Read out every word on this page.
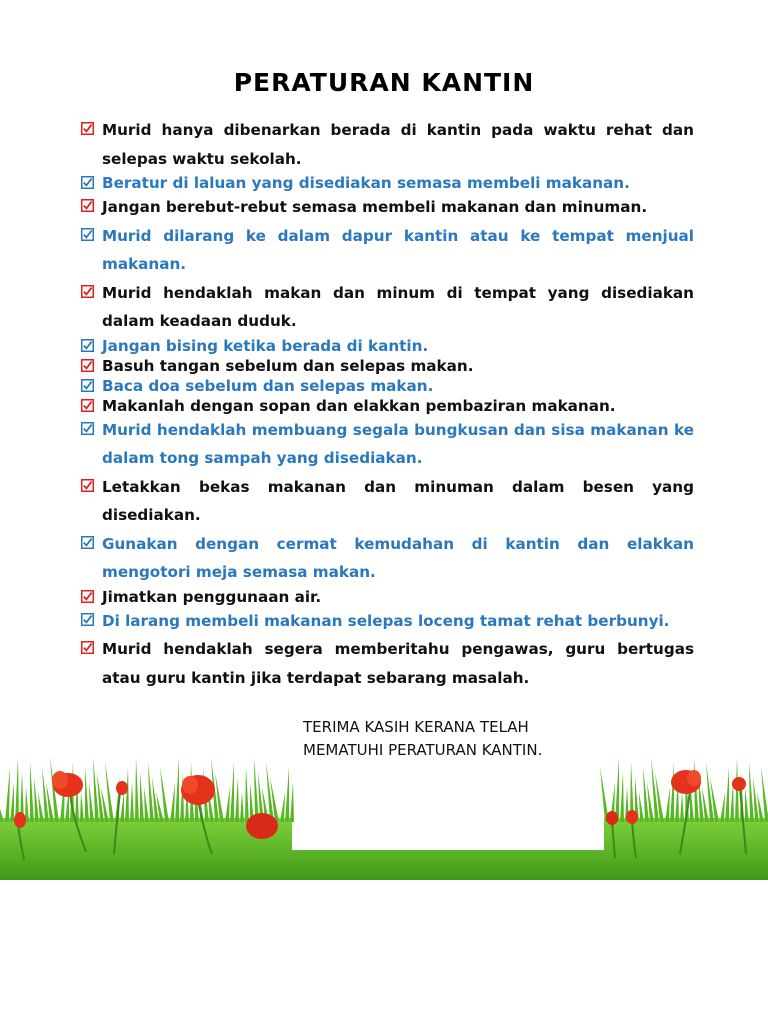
PERATURAN KANTIN
Murid hanya dibenarkan berada di kantin pada waktu rehat dan selepas waktu sekolah.
Beratur di laluan yang disediakan semasa membeli makanan.
Jangan berebut-rebut semasa membeli makanan dan minuman.
Murid dilarang ke dalam dapur kantin atau ke tempat menjual makanan.
Murid hendaklah makan dan minum di tempat yang disediakan dalam keadaan duduk.
Jangan bising ketika berada di kantin.
Basuh tangan sebelum dan selepas makan.
Baca doa sebelum dan selepas makan.
Makanlah dengan sopan dan elakkan pembaziran makanan.
Murid hendaklah membuang segala bungkusan dan sisa makanan ke dalam tong sampah yang disediakan.
Letakkan bekas makanan dan minuman dalam besen yang disediakan.
Gunakan dengan cermat kemudahan di kantin dan elakkan mengotori meja semasa makan.
Jimatkan penggunaan air.
Di larang membeli makanan selepas loceng tamat rehat berbunyi.
Murid hendaklah segera memberitahu pengawas, guru bertugas atau guru kantin jika terdapat sebarang masalah.
TERIMA KASIH KERANA TELAH
MEMATUHI PERATURAN KANTIN.
